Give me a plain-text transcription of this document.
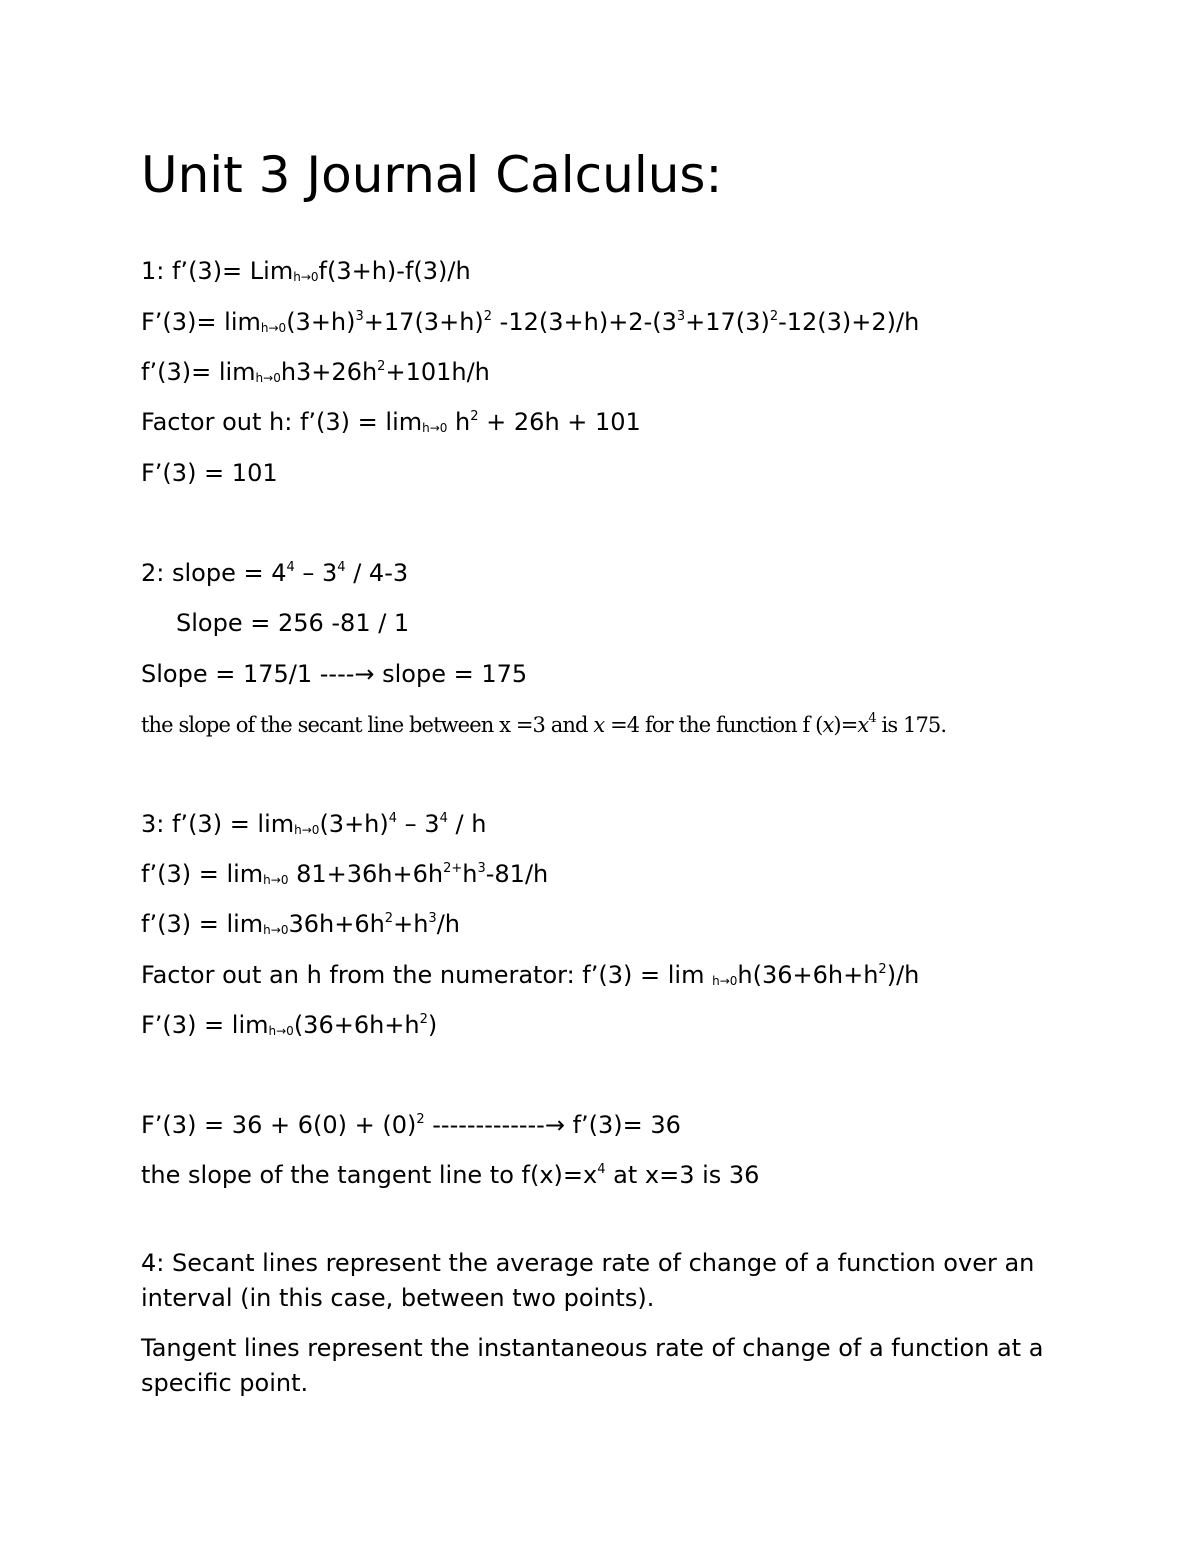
Unit 3 Journal Calculus:

1: f’(3)= Lim$_{h\to 0}$f(3+h)-f(3)/h

F’(3)= $\lim_{h\to 0}(3+h)^3+17(3+h)^2$ $-12(3+h)+2-(3^3+17(3)^2-12(3)+2)/h$

f’(3)= $\lim_{h\to 0}h3+26h^2+101h/h$

Factor out h: f’(3) = $\lim_{h\to 0} h^2 + 26h + 101$

F’(3) = 101

2: slope = $4^4 - 3^4 / 4-3$

Slope = 256 -81 / 1

Slope = 175/1 ----→ slope = 175

the slope of the secant line between x =3 and x =4 for the function f $(x)=x^4$ is 175.

3: f’(3) = $\lim_{h\to 0}(3+h)^4 - 3^4 / h$

f’(3) = $\lim_{h\to 0} 81+36h+6h^{2+}h^3-81/h$

f’(3) = $\lim_{h\to 0}36h+6h^2+h^3/h$

Factor out an h from the numerator: f’(3) = $\lim _{h\to 0}h(36+6h+h^2)/h$

F’(3) = $\lim_{h\to 0}(36+6h+h^2)$

F’(3) = $36 + 6(0) + (0)^2$ -------------→ f’(3)= 36

the slope of the tangent line to $f(x)=x^4$ at x=3 is 36

4: Secant lines represent the average rate of change of a function over an interval (in this case, between two points).

Tangent lines represent the instantaneous rate of change of a function at a specific point.
